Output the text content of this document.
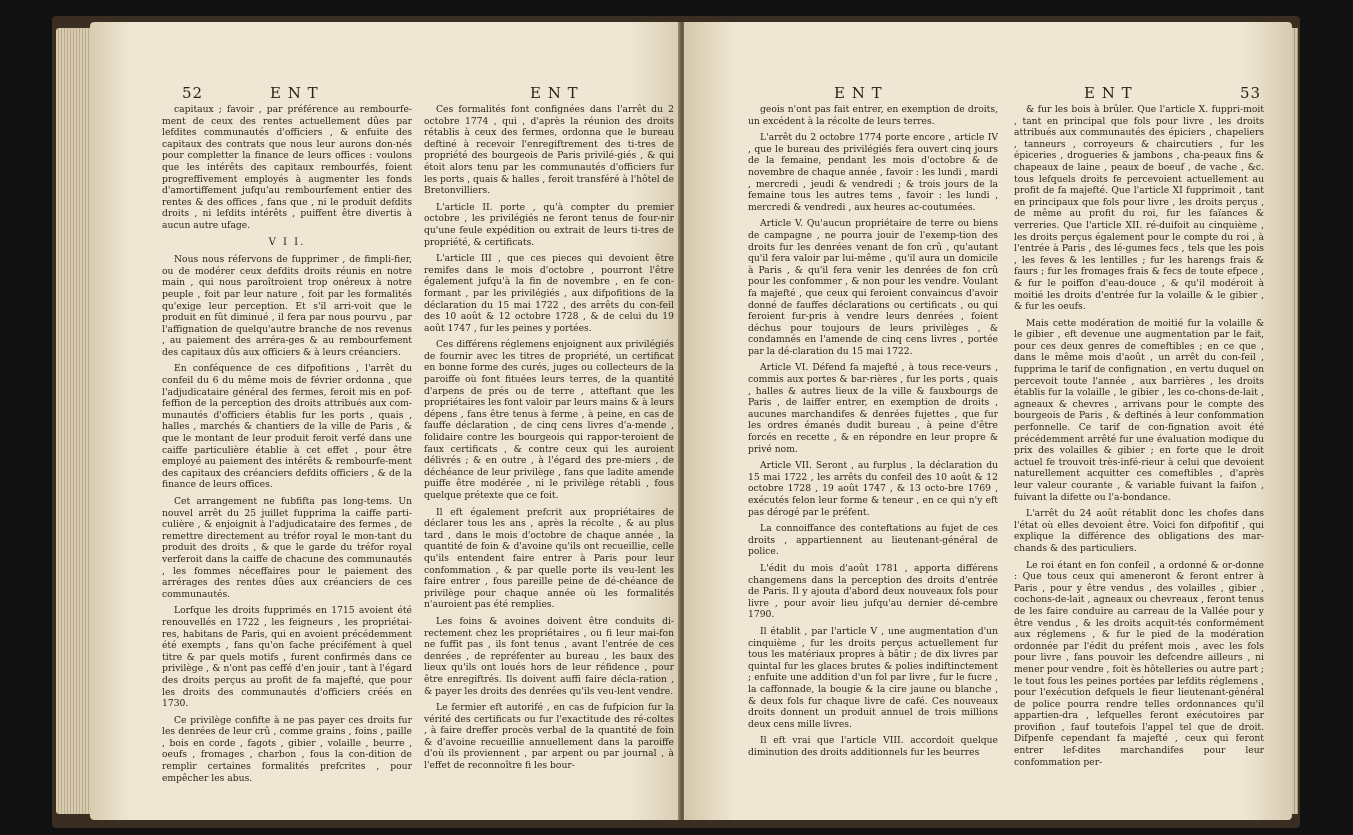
52	E N T	E N T

capitaux ; favoir , par préférence au rembourfe-ment de ceux des rentes actuellement dûes par lefdites communautés d'officiers , & enfuite des capitaux des contrats que nous leur aurons don-nés pour completter la finance de leurs offices : voulons que les intérêts des capitaux rembourfés, foient progreffivement employés à augmenter les fonds d'amortiffement jufqu'au rembourfement entier des rentes & des offices , fans que , ni le produit defdits droits , ni lefdits intérêts , puiffent être divertis à aucun autre ufage.

V I I.

Nous nous réfervons de fupprimer , de fimpli-fier, ou de modérer ceux defdits droits réunis en notre main , qui nous paroîtroient trop onéreux à notre peuple , foit par leur nature , foit par les formalités qu'exige leur perception. Et s'il arri-voit que le produit en fût diminué , il fera par nous pourvu , par l'affignation de quelqu'autre branche de nos revenus , au paiement des arréra-ges & au rembourfement des capitaux dûs aux officiers & à leurs créanciers.

En conféquence de ces difpofitions , l'arrêt du confeil du 6 du même mois de février ordonna , que l'adjudicataire général des fermes, feroit mis en pof-feffion de la perception des droits attribués aux com-munautés d'officiers établis fur les ports , quais , halles , marchés & chantiers de la ville de Paris , & que le montant de leur produit feroit verfé dans une caiffe particulière établie à cet effet , pour être employé au paiement des intérêts & rembourfe-ment des capitaux des créanciers defdits officiers , & de la finance de leurs offices.

Cet arrangement ne fubfifta pas long-tems. Un nouvel arrêt du 25 juillet fupprima la caiffe parti-culière , & enjoignit à l'adjudicataire des fermes , de remettre directement au tréfor royal le mon-tant du produit des droits , & que le garde du tréfor royal verferoit dans la caiffe de chacune des communautés , les fommes néceffaires pour le paiement des arrérages des rentes dûes aux créanciers de ces communautés.

Lorfque les droits fupprimés en 1715 avoient été renouvellés en 1722 , les feigneurs , les propriétai-res, habitans de Paris, qui en avoient précédemment été exempts , fans qu'on fache précifément à quel titre & par quels motifs , furent confirmés dans ce privilège , & n'ont pas ceffé d'en jouir , tant à l'égard des droits perçus au profit de fa majefté, que pour les droits des communautés d'officiers créés en 1730.

Ce privilège confifte à ne pas payer ces droits fur les denrées de leur crû , comme grains , foins , paille , bois en corde , fagots , gibier , volaille , beurre , oeufs , fromages , charbon , fous la con-dition de remplir certaines formalités prefcrites , pour empêcher les abus.

Ces formalités font confignées dans l'arrêt du 2 octobre 1774 , qui , d'après la réunion des droits rétablis à ceux des fermes, ordonna que le bureau deftiné à recevoir l'enregiftrement des ti-tres de propriété des bourgeois de Paris privilé-giés , & qui étoit alors tenu par les communautés d'officiers fur les ports , quais & halles , feroit transféré à l'hôtel de Bretonvilliers.

L'article II. porte , qu'à compter du premier octobre , les privilégiés ne feront tenus de four-nir qu'une feule expédition ou extrait de leurs ti-tres de propriété, & certificats.

L'article III , que ces pieces qui devoient être remifes dans le mois d'octobre , pourront l'être également jufqu'à la fin de novembre , en fe con-formant , par les privilégiés , aux difpofitions de la déclaration du 15 mai 1722 , des arrêts du con-feil des 10 août & 12 octobre 1728 , & de celui du 19 août 1747 , fur les peines y portées.

Ces différens réglemens enjoignent aux privilégiés de fournir avec les titres de propriété, un certificat en bonne forme des curés, juges ou collecteurs de la paroiffe où font fituées leurs terres, de la quantité d'arpens de prés ou de terre , atteftant que les propriétaires les font valoir par leurs mains & à leurs dépens , fans être tenus à ferme , à peine, en cas de fauffe déclaration , de cinq cens livres d'a-mende , folidaire contre les bourgeois qui rappor-teroient de faux certificats , & contre ceux qui les auroient délivrés ; & en outre , à l'égard des pre-miers , de déchéance de leur privilège , fans que ladite amende puiffe être modérée , ni le privilège rétabli , fous quelque prétexte que ce foit.

Il eft également prefcrit aux propriétaires de déclarer tous les ans , après la récolte , & au plus tard , dans le mois d'octobre de chaque année , la quantité de foin & d'avoine qu'ils ont recueillie, celle qu'ils entendent faire entrer à Paris pour leur confommation , & par quelle porte ils veu-lent les faire entrer , fous pareille peine de dé-chéance de privilège pour chaque année où les formalités n'auroient pas été remplies.

Les foins & avoines doivent être conduits di-rectement chez les propriétaires , ou fi leur mai-fon ne fuffit pas , ils font tenus , avant l'entrée de ces denrées , de repréfenter au bureau , les baux des lieux qu'ils ont loués hors de leur réfidence , pour être enregiftrés. Ils doivent auffi faire décla-ration , & payer les droits des denrées qu'ils veu-lent vendre.

Le fermier eft autorifé , en cas de fufpicion fur la vérité des certificats ou fur l'exactitude des ré-coltes , à faire dreffer procès verbal de la quantité de foin & d'avoine recueillie annuellement dans la paroiffe d'où ils proviennent , par arpent ou par journal , à l'effet de reconnoître fi les bour-

E N T	E N T	53

geois n'ont pas fait entrer, en exemption de droits, un excédent à la récolte de leurs terres.

L'arrêt du 2 octobre 1774 porte encore , article IV , que le bureau des privilégiés fera ouvert cinq jours de la femaine, pendant les mois d'octobre & de novembre de chaque année , favoir : les lundi , mardi , mercredi , jeudi & vendredi ; & trois jours de la femaine tous les autres tems , favoir : les lundi , mercredi & vendredi , aux heures ac-coutumées.

Article V. Qu'aucun propriétaire de terre ou biens de campagne , ne pourra jouir de l'exemp-tion des droits fur les denrées venant de fon crû , qu'autant qu'il fera valoir par lui-même , qu'il aura un domicile à Paris , & qu'il fera venir les denrées de fon crû pour les confommer , & non pour les vendre. Voulant fa majefté , que ceux qui feroient convaincus d'avoir donné de fauffes déclarations ou certificats , ou qui feroient fur-pris à vendre leurs denrées , foient déchus pour toujours de leurs privilèges , & condamnés en l'amende de cinq cens livres , portée par la dé-claration du 15 mai 1722.

Article VI. Défend fa majefté , à tous rece-veurs , commis aux portes & bar-rières , fur les ports , quais , halles & autres lieux de la ville & fauxbourgs de Paris , de laiffer entrer, en exemption de droits , aucunes marchandifes & denrées fujettes , que fur les ordres émanés dudit bureau , à peine d'être forcés en recette , & en répondre en leur propre & privé nom.

Article VII. Seront , au furplus , la déclaration du 15 mai 1722 , les arrêts du confeil des 10 août & 12 octobre 1728 , 19 août 1747 , & 13 octo-bre 1769 , exécutés felon leur forme & teneur , en ce qui n'y eft pas dérogé par le préfent.

La connoiffance des conteftations au fujet de ces droits , appartiennent au lieutenant-général de police.

L'édit du mois d'août 1781 , apporta différens changemens dans la perception des droits d'entrée de Paris. Il y ajouta d'abord deux nouveaux fols pour livre , pour avoir lieu jufqu'au dernier dé-cembre 1790.

Il établit , par l'article V , une augmentation d'un cinquième , fur les droits perçus actuellement fur tous les matériaux propres à bâtir ; de dix livres par quintal fur les glaces brutes & polies indiftinctement ; enfuite une addition d'un fol par livre , fur le fucre , la caffonnade, la bougie & la cire jaune ou blanche , & deux fols fur chaque livre de café. Ces nouveaux droits donnent un produit annuel de trois millions deux cens mille livres.

Il eft vrai que l'article VIII. accordoit quelque diminution des droits additionnels fur les beurres

& fur les bois à brûler. Que l'article X. fuppri-moit , tant en principal que fols pour livre , les droits attribués aux communautés des épiciers , chapeliers , tanneurs , corroyeurs & chaircutiers , fur les épiceries , drogueries & jambons , cha-peaux fins & chapeaux de laine , peaux de boeuf , de vache , &c. tous lefquels droits fe percevoient actuellement au profit de fa majefté. Que l'article XI fupprimoit , tant en principaux que fols pour livre , les droits perçus , de même au profit du roi, fur les faïances & verreries. Que l'article XII. ré-duifoit au cinquième , les droits perçus également pour le compte du roi , à l'entrée à Paris , des lé-gumes fecs , tels que les pois , les feves & les lentilles ; fur les harengs frais & faurs ; fur les fromages frais & fecs de toute efpece , & fur le poiffon d'eau-douce , & qu'il modéroit à moitié les droits d'entrée fur la volaille & le gibier , & fur les oeufs.

Mais cette modération de moitié fur la volaille & le gibier , eft devenue une augmentation par le fait, pour ces deux genres de comeftibles ; en ce que , dans le même mois d'août , un arrêt du con-feil , fupprima le tarif de confignation , en vertu duquel on percevoit toute l'année , aux barrières , les droits établis fur la volaille , le gibier , les co-chons-de-lait , agneaux & chevres , arrivans pour le compte des bourgeois de Paris , & deftinés à leur confommation perfonnelle. Ce tarif de con-fignation avoit été précédemment arrêté fur une évaluation modique du prix des volailles & gibier ; en forte que le droit actuel fe trouvoit très-infé-rieur à celui que devoient naturellement acquitter ces comeftibles , d'après leur valeur courante , & variable fuivant la faifon , fuivant la difette ou l'a-bondance.

L'arrêt du 24 août rétablit donc les chofes dans l'état où elles devoient être. Voici fon difpofitif , qui explique la différence des obligations des mar-chands & des particuliers.

Le roi étant en fon confeil , a ordonné & or-donne : Que tous ceux qui ameneront & feront entrer à Paris , pour y être vendus , des volailles , gibier , cochons-de-lait , agneaux ou chevreaux , feront tenus de les faire conduire au carreau de la Vallée pour y être vendus , & les droits acquit-tés conformément aux réglemens , & fur le pied de la modération ordonnée par l'édit du préfent mois , avec les fols pour livre , fans pouvoir les defcendre ailleurs , ni mener pour vendre , foit ès hôtelleries ou autre part ; le tout fous les peines portées par lefdits réglemens , pour l'exécution defquels le fieur lieutenant-général de police pourra rendre telles ordonnances qu'il appartien-dra , lefquelles feront exécutoires par provifion , fauf toutefois l'appel tel que de droit. Difpenfe cependant fa majefté , ceux qui feront entrer lef-dites marchandifes pour leur confommation per-
